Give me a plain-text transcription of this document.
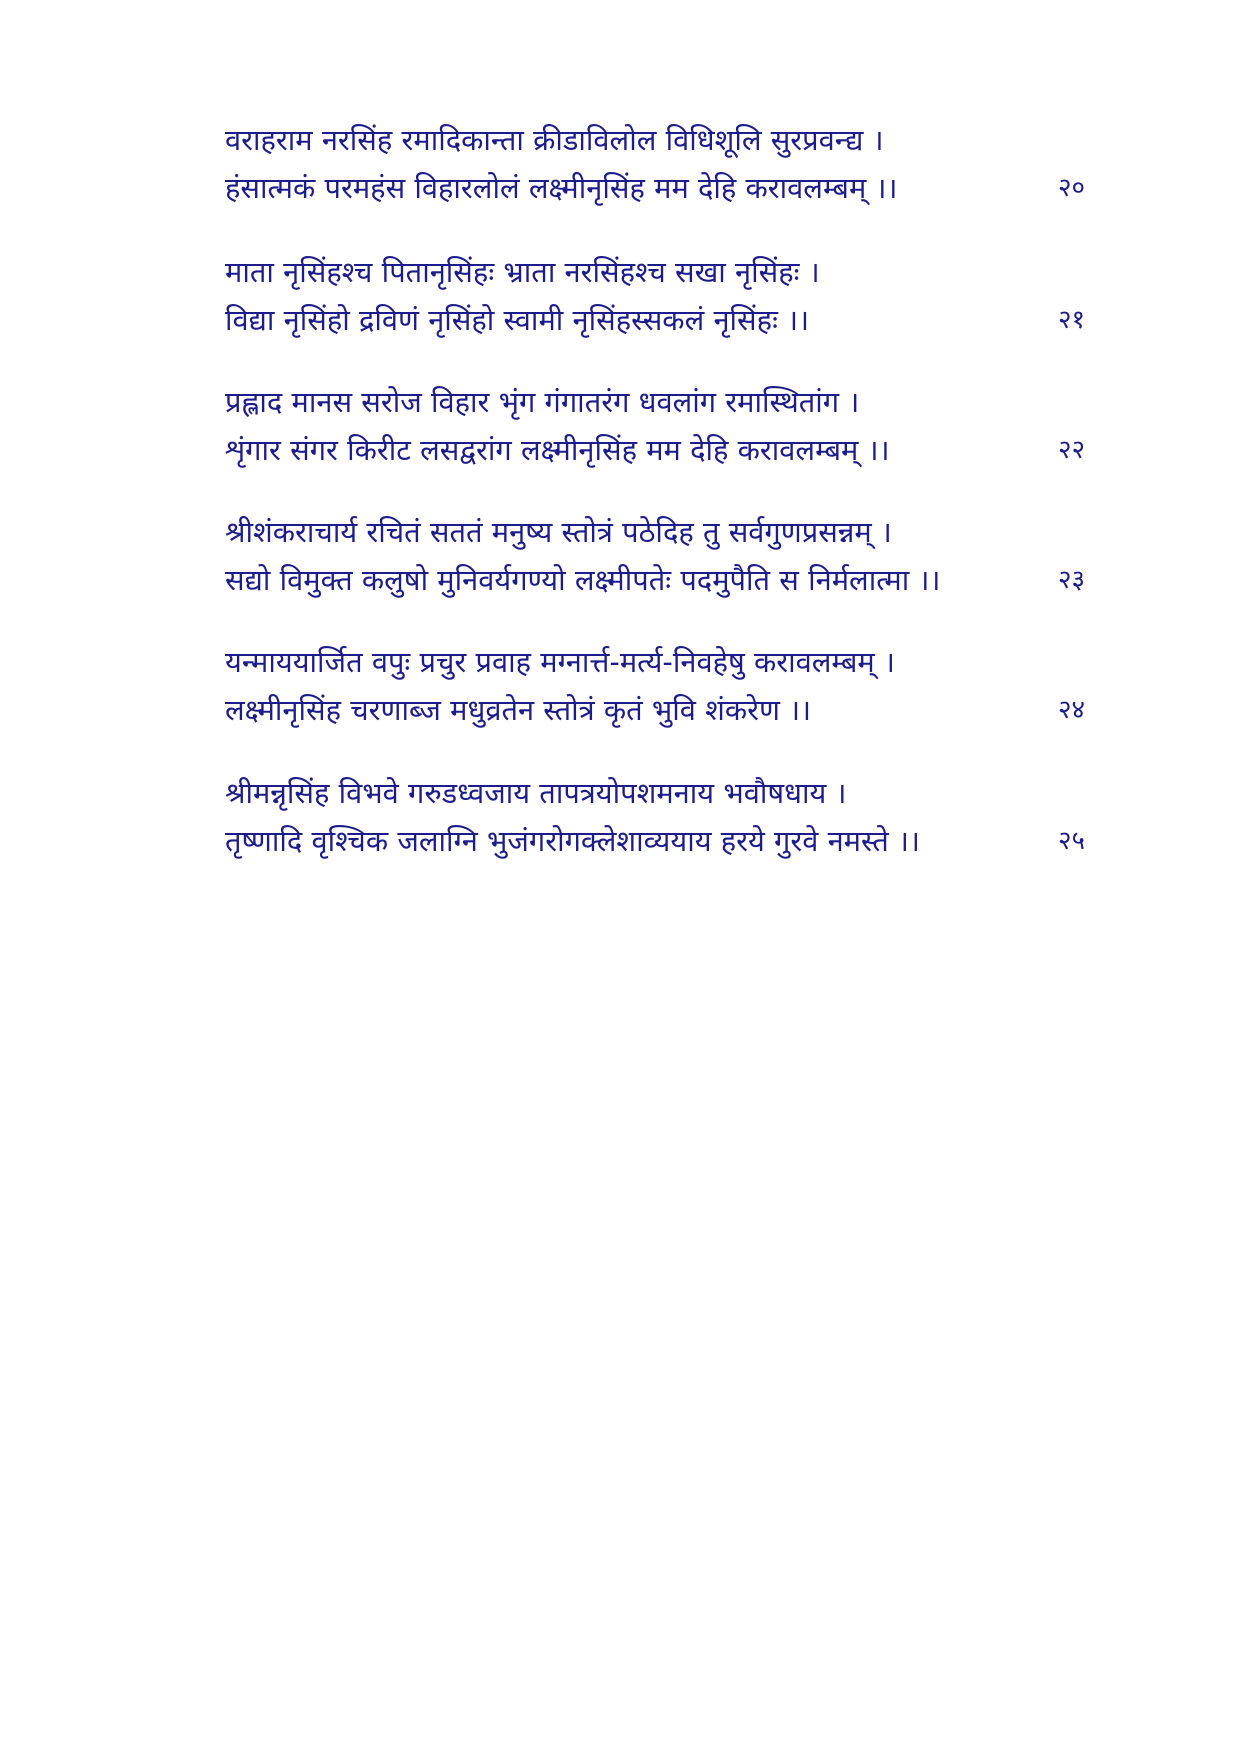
वराहराम नरसिंह रमादिकान्ता क्रीडाविलोल विधिशूलि सुरप्रवन्द्य ।
हंसात्मकं परमहंस विहारलोलं लक्ष्मीनृसिंह मम देहि करावलम्बम् ।।	२०
माता नृसिंहश्च पितानृसिंहः भ्राता नरसिंहश्च सखा नृसिंहः ।
विद्या नृसिंहो द्रविणं नृसिंहो स्वामी नृसिंहस्सकलं नृसिंहः ।।	२१
प्रह्लाद मानस सरोज विहार भृंग गंगातरंग धवलांग रमास्थितांग ।
शृंगार संगर किरीट लसद्वरांग लक्ष्मीनृसिंह मम देहि करावलम्बम् ।।	२२
श्रीशंकराचार्य रचितं सततं मनुष्य स्तोत्रं पठेदिह तु सर्वगुणप्रसन्नम् ।
सद्यो विमुक्त कलुषो मुनिवर्यगण्यो लक्ष्मीपतेः पदमुपैति स निर्मलात्मा ।।	२३
यन्माययार्जित वपुः प्रचुर प्रवाह मग्नार्त्त-मर्त्य-निवहेषु करावलम्बम् ।
लक्ष्मीनृसिंह चरणाब्ज मधुव्रतेन स्तोत्रं कृतं भुवि शंकरेण ।।	२४
श्रीमन्नृसिंह विभवे गरुडध्वजाय तापत्रयोपशमनाय भवौषधाय ।
तृष्णादि वृश्चिक जलाग्नि भुजंगरोगक्लेशाव्ययाय हरये गुरवे नमस्ते ।।	२५
